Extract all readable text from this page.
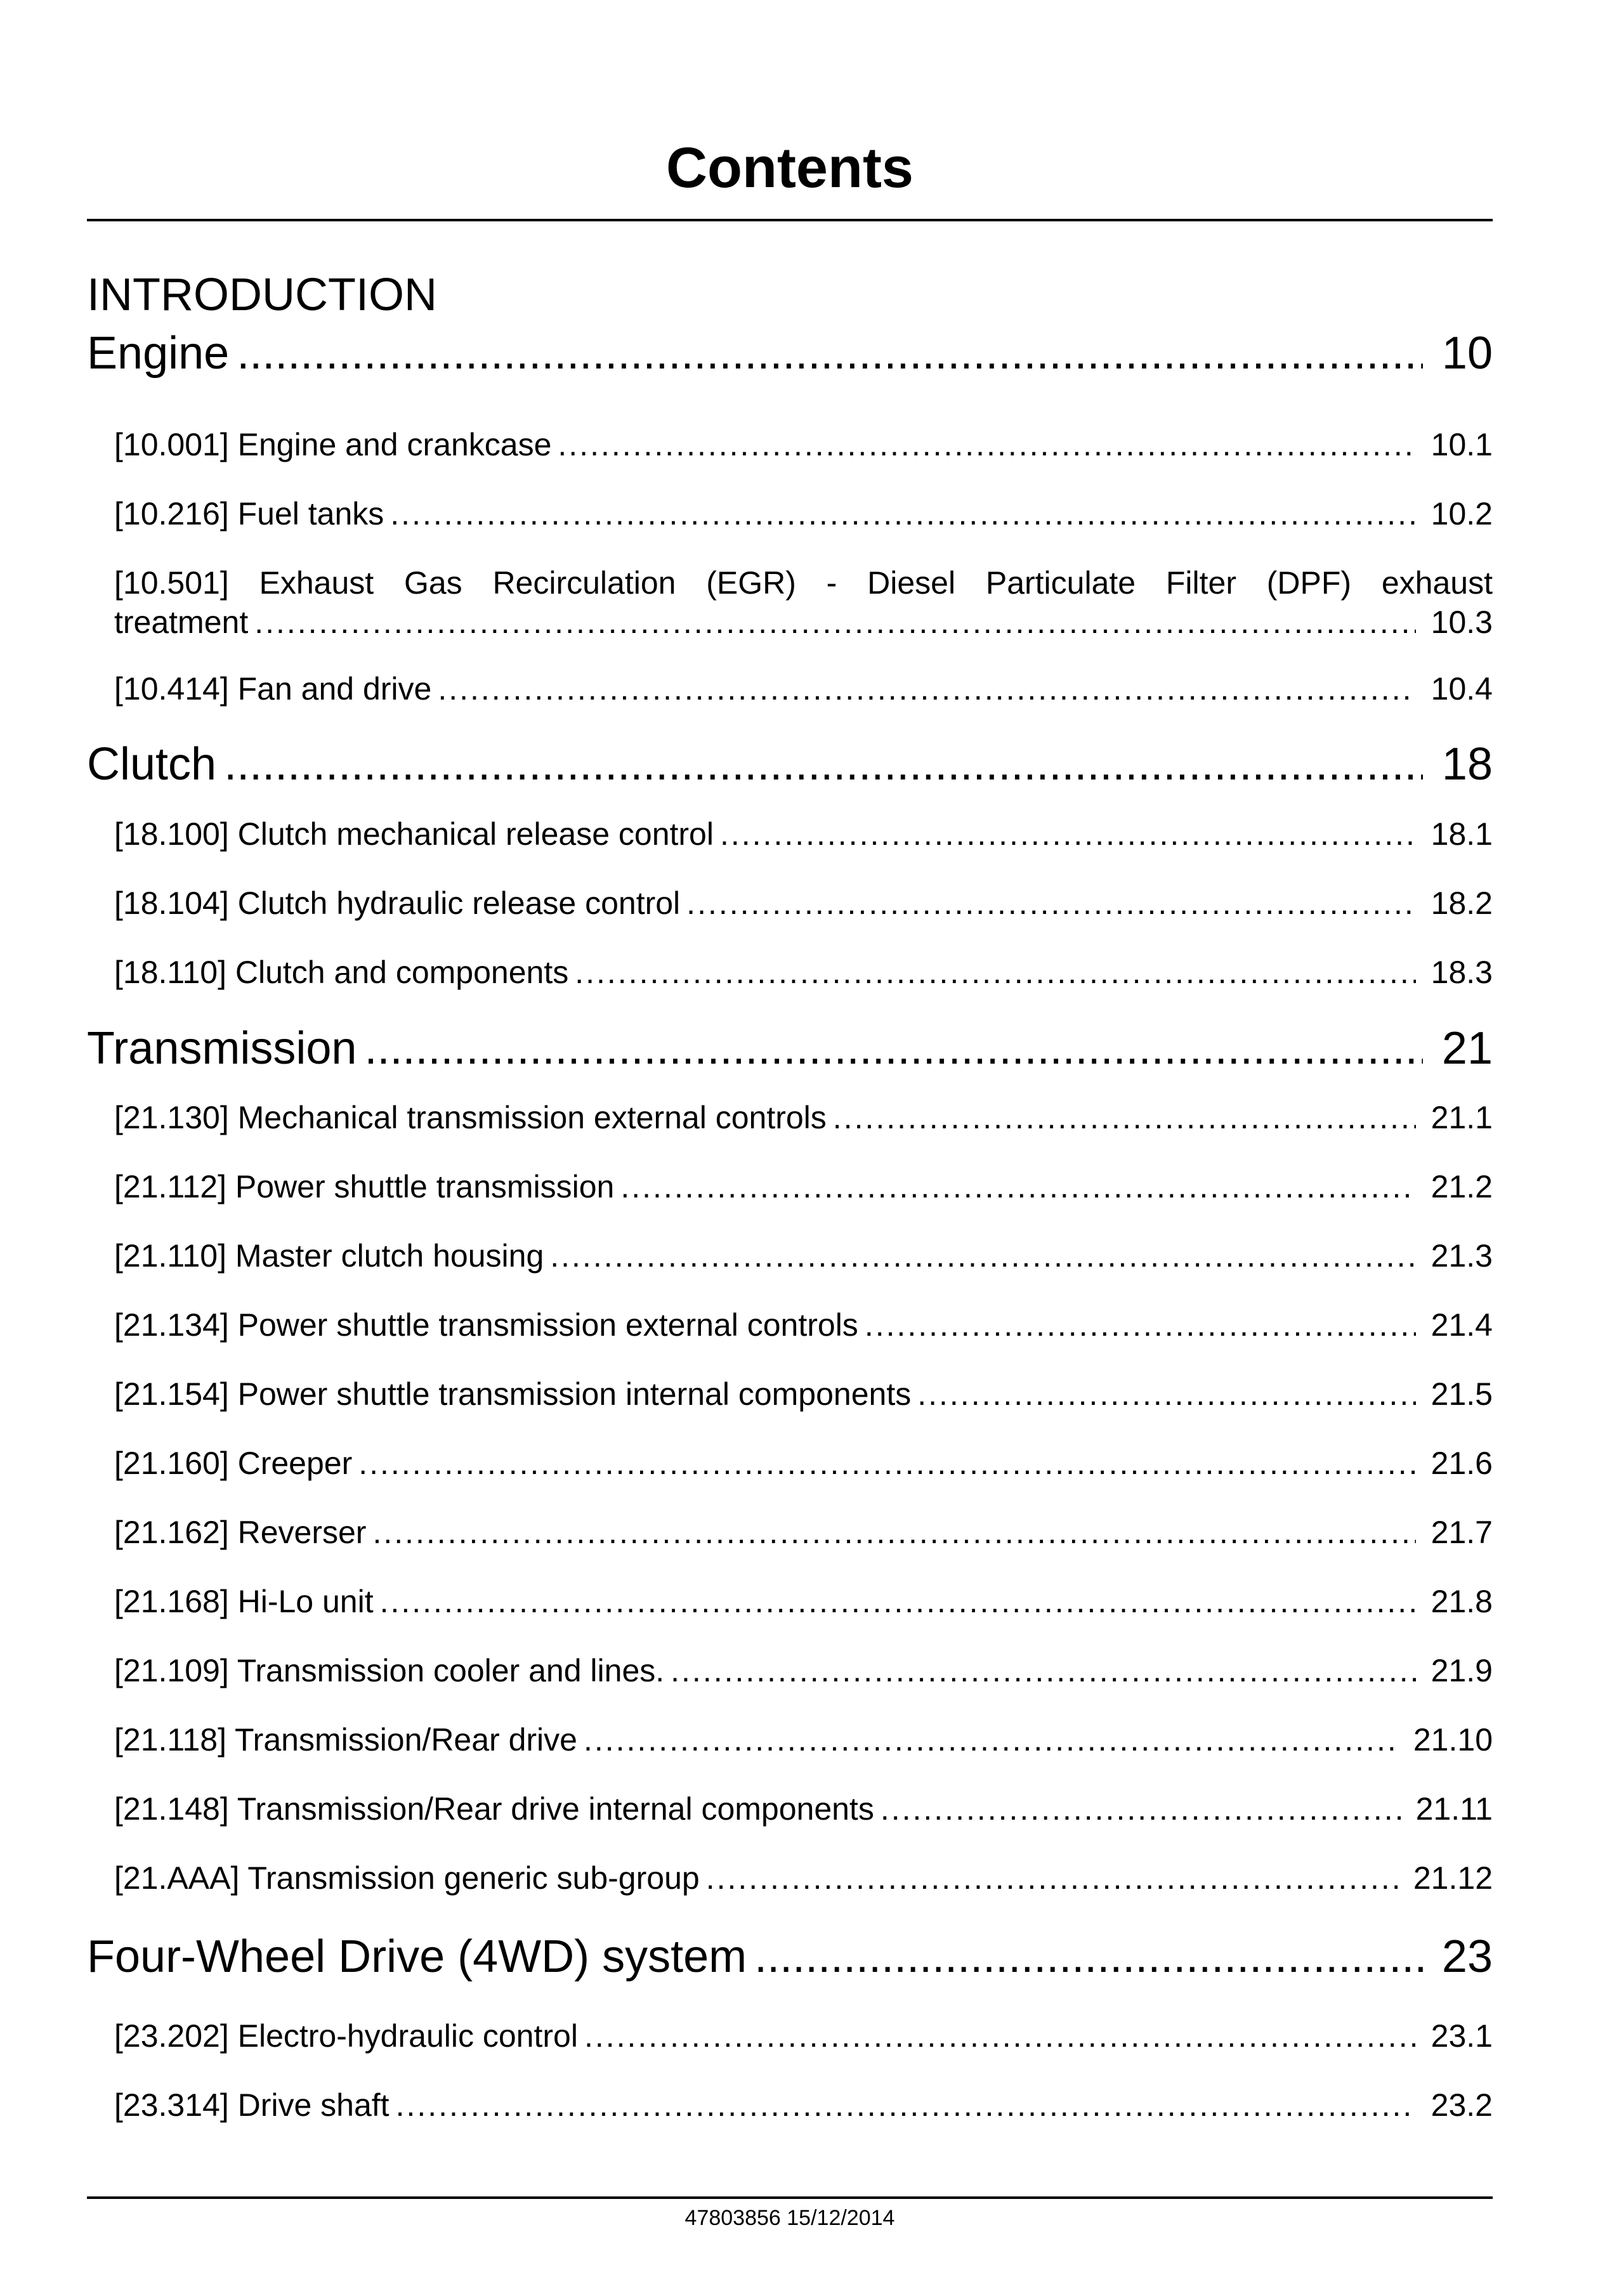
Contents
INTRODUCTION
Engine .....	10
[10.001] Engine and crankcase .....	10.1
[10.216] Fuel tanks .....	10.2
[10.501] Exhaust Gas Recirculation (EGR) - Diesel Particulate Filter (DPF) exhaust
treatment .....	10.3
[10.414] Fan and drive .....	10.4
Clutch .....	18
[18.100] Clutch mechanical release control .....	18.1
[18.104] Clutch hydraulic release control .....	18.2
[18.110] Clutch and components .....	18.3
Transmission .....	21
[21.130] Mechanical transmission external controls .....	21.1
[21.112] Power shuttle transmission .....	21.2
[21.110] Master clutch housing .....	21.3
[21.134] Power shuttle transmission external controls .....	21.4
[21.154] Power shuttle transmission internal components .....	21.5
[21.160] Creeper .....	21.6
[21.162] Reverser .....	21.7
[21.168] Hi-Lo unit .....	21.8
[21.109] Transmission cooler and lines. .....	21.9
[21.118] Transmission/Rear drive .....	21.10
[21.148] Transmission/Rear drive internal components .....	21.11
[21.AAA] Transmission generic sub-group .....	21.12
Four-Wheel Drive (4WD) system .....	23
[23.202] Electro-hydraulic control .....	23.1
[23.314] Drive shaft .....	23.2
47803856 15/12/2014
